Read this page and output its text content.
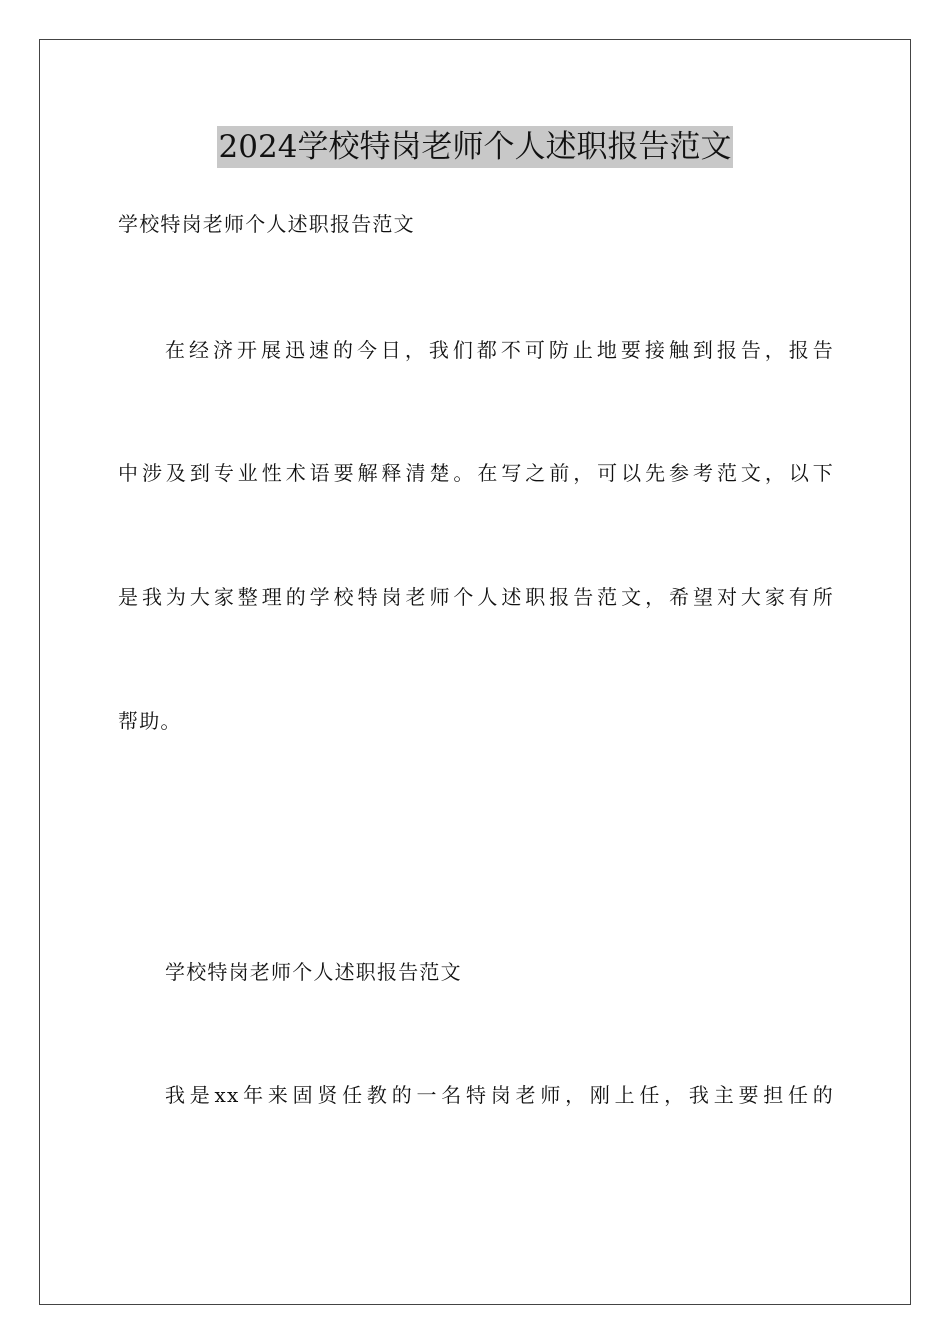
2024学校特岗老师个人述职报告范文
学校特岗老师个人述职报告范文
在经济开展迅速的今日，我们都不可防止地要接触到报告，报告
中涉及到专业性术语要解释清楚。在写之前，可以先参考范文，以下
是我为大家整理的学校特岗老师个人述职报告范文，希望对大家有所
帮助。
学校特岗老师个人述职报告范文
我是xx年来固贤任教的一名特岗老师，刚上任，我主要担任的
